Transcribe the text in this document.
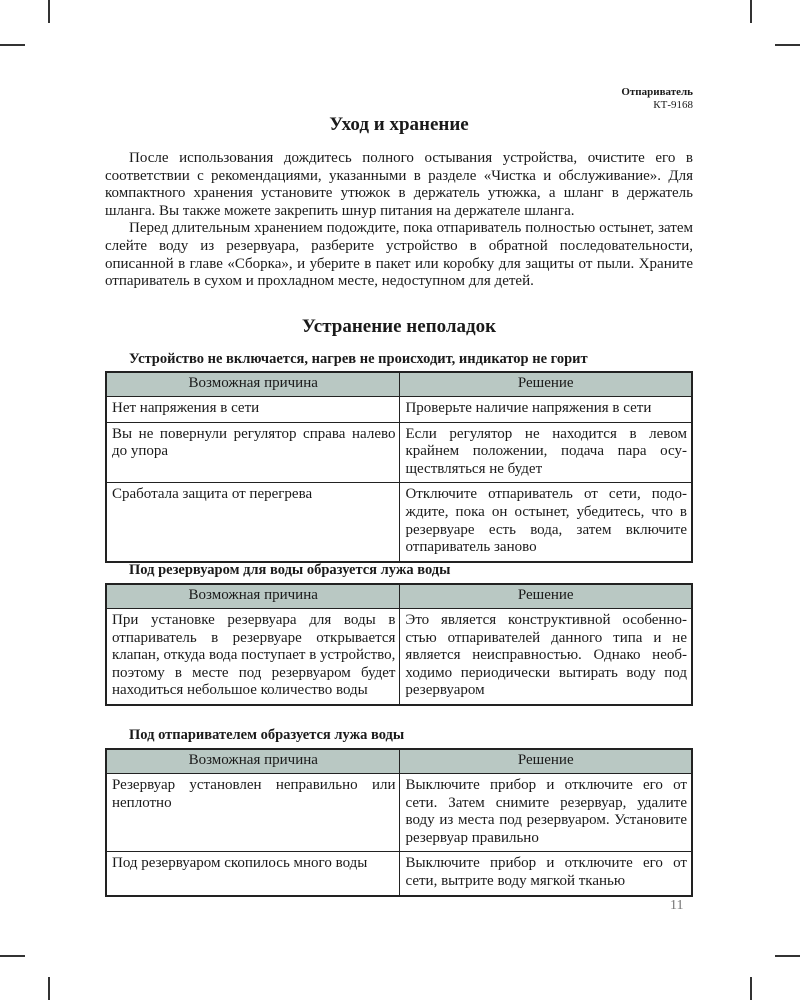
Отпариватель
КТ-9168
Уход и хранение

После использования дождитесь полного остывания устройства, очистите его в соответствии с рекомендациями, указанными в разделе «Чистка и обслуживание». Для компактного хранения установите утюжок в держатель утюжка, а шланг в держатель шланга. Вы также можете закрепить шнур питания на держателе шланга.

Перед длительным хранением подождите, пока отпариватель полностью остынет, затем слейте воду из резервуара, разберите устройство в обратной последовательности, описанной в главе «Сборка», и уберите в пакет или коробку для защиты от пыли. Храните отпариватель в сухом и прохладном месте, недоступном для детей.

Устранение неполадок

Устройство не включается, нагрев не происходит, индикатор не горит

Возможная причина	Решение
Нет напряжения в сети	Проверьте наличие напряжения в сети
Вы не повернули регулятор справа налево до упора	Если регулятор не находится в левом крайнем положении, подача пара осуществляться не будет
Сработала защита от перегрева	Отключите отпариватель от сети, подождите, пока он остынет, убедитесь, что в резервуаре есть вода, затем включите отпариватель заново

Под резервуаром для воды образуется лужа воды

Возможная причина	Решение
При установке резервуара для воды в отпариватель в резервуаре открывается клапан, откуда вода поступает в устройство, поэтому в месте под резервуаром будет находиться небольшое количество воды	Это является конструктивной особенностью отпаривателей данного типа и не является неисправностью. Однако необходимо периодически вытирать воду под резервуаром

Под отпаривателем образуется лужа воды

Возможная причина	Решение
Резервуар установлен неправильно или неплотно	Выключите прибор и отключите его от сети. Затем снимите резервуар, удалите воду из места под резервуаром. Установите резервуар правильно
Под резервуаром скопилось много воды	Выключите прибор и отключите его от сети, вытрите воду мягкой тканью
11
